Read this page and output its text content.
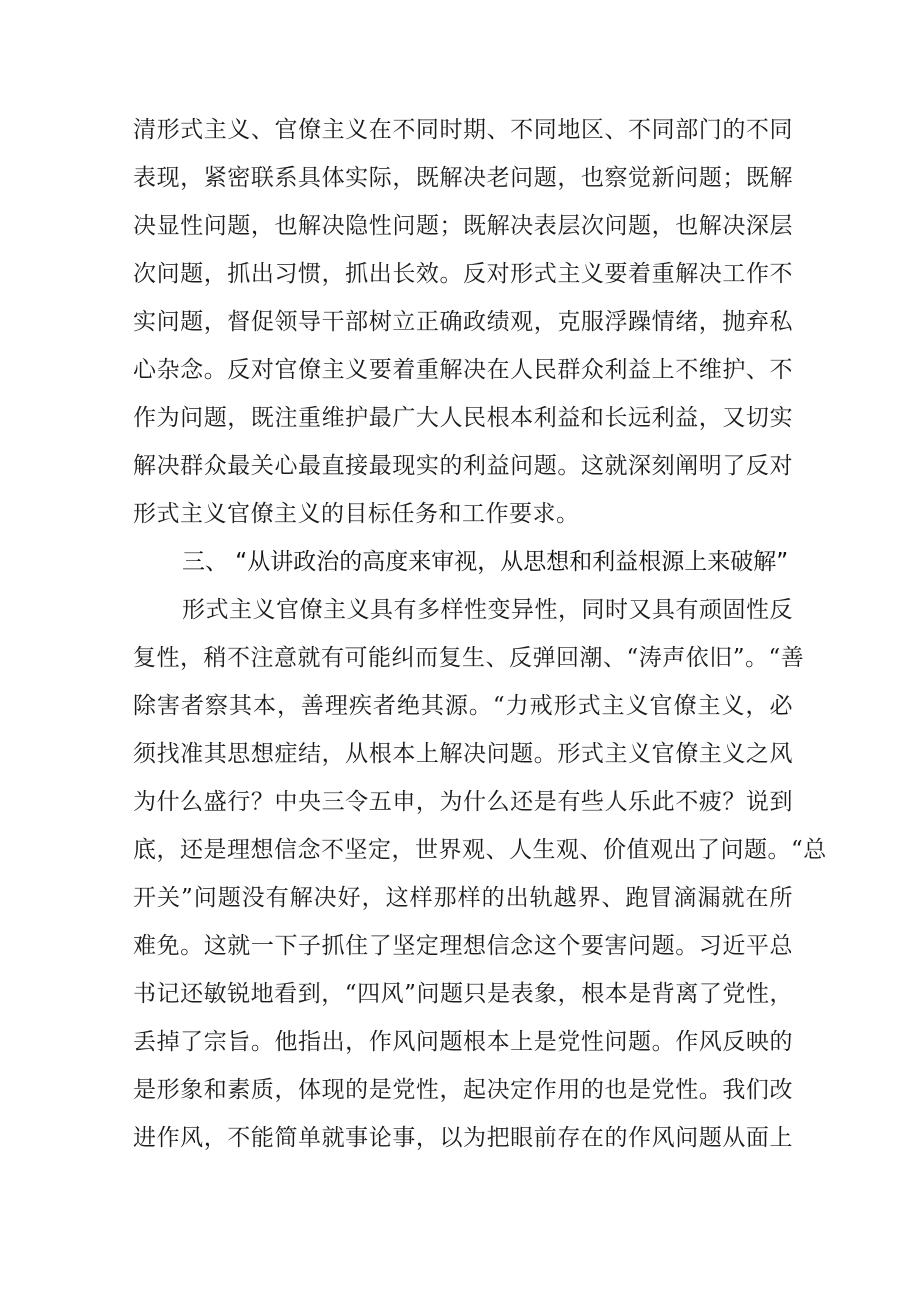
清形式主义、官僚主义在不同时期、不同地区、不同部门的不同
表现，紧密联系具体实际，既解决老问题，也察觉新问题；既解
决显性问题，也解决隐性问题；既解决表层次问题，也解决深层
次问题，抓出习惯，抓出长效。反对形式主义要着重解决工作不
实问题，督促领导干部树立正确政绩观，克服浮躁情绪，抛弃私
心杂念。反对官僚主义要着重解决在人民群众利益上不维护、不
作为问题，既注重维护最广大人民根本利益和长远利益，又切实
解决群众最关心最直接最现实的利益问题。这就深刻阐明了反对
形式主义官僚主义的目标任务和工作要求。
三、 “从讲政治的高度来审视，从思想和利益根源上来破解”
形式主义官僚主义具有多样性变异性，同时又具有顽固性反
复性，稍不注意就有可能纠而复生、反弹回潮、“涛声依旧”。“善
除害者察其本，善理疾者绝其源。“力戒形式主义官僚主义，必
须找准其思想症结，从根本上解决问题。形式主义官僚主义之风
为什么盛行？中央三令五申，为什么还是有些人乐此不疲？说到
底，还是理想信念不坚定，世界观、人生观、价值观出了问题。“总
开关”问题没有解决好，这样那样的出轨越界、跑冒滴漏就在所
难免。这就一下子抓住了坚定理想信念这个要害问题。习近平总
书记还敏锐地看到，“四风”问题只是表象，根本是背离了党性，
丢掉了宗旨。他指出，作风问题根本上是党性问题。作风反映的
是形象和素质，体现的是党性，起决定作用的也是党性。我们改
进作风，不能简单就事论事，以为把眼前存在的作风问题从面上
